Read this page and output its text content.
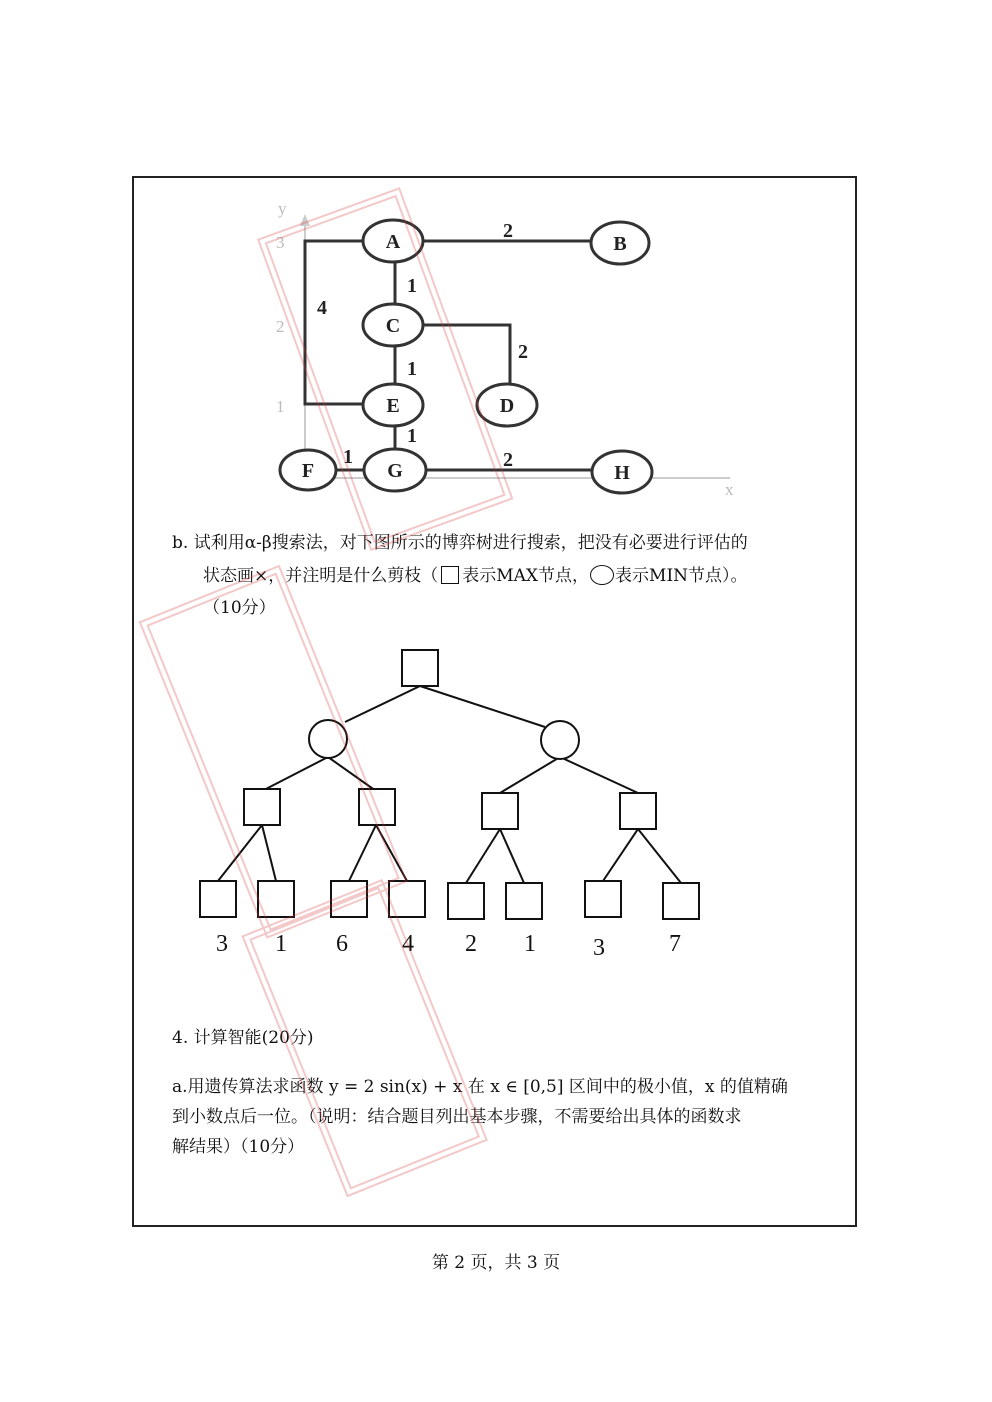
y
3
2
1
x
2
1
4
2
1
1
1	2
A	B
C
D
E
F	G	H
b. 试利用α-β搜索法，对下图所示的博弈树进行搜索，把没有必要进行评估的
状态画×，并注明是什么剪枝（ 表示MAX节点， 表示MIN节点）。
（10分）
3 1 6 4 2 1 3	7
4. 计算智能(20分)
a.用遗传算法求函数 y = 2 sin(x) + x 在 x ∈ [0,5] 区间中的极小值，x 的值精确
到小数点后一位。（说明：结合题目列出基本步骤，不需要给出具体的函数求
解结果）（10分）
第 2 页，共 3 页
